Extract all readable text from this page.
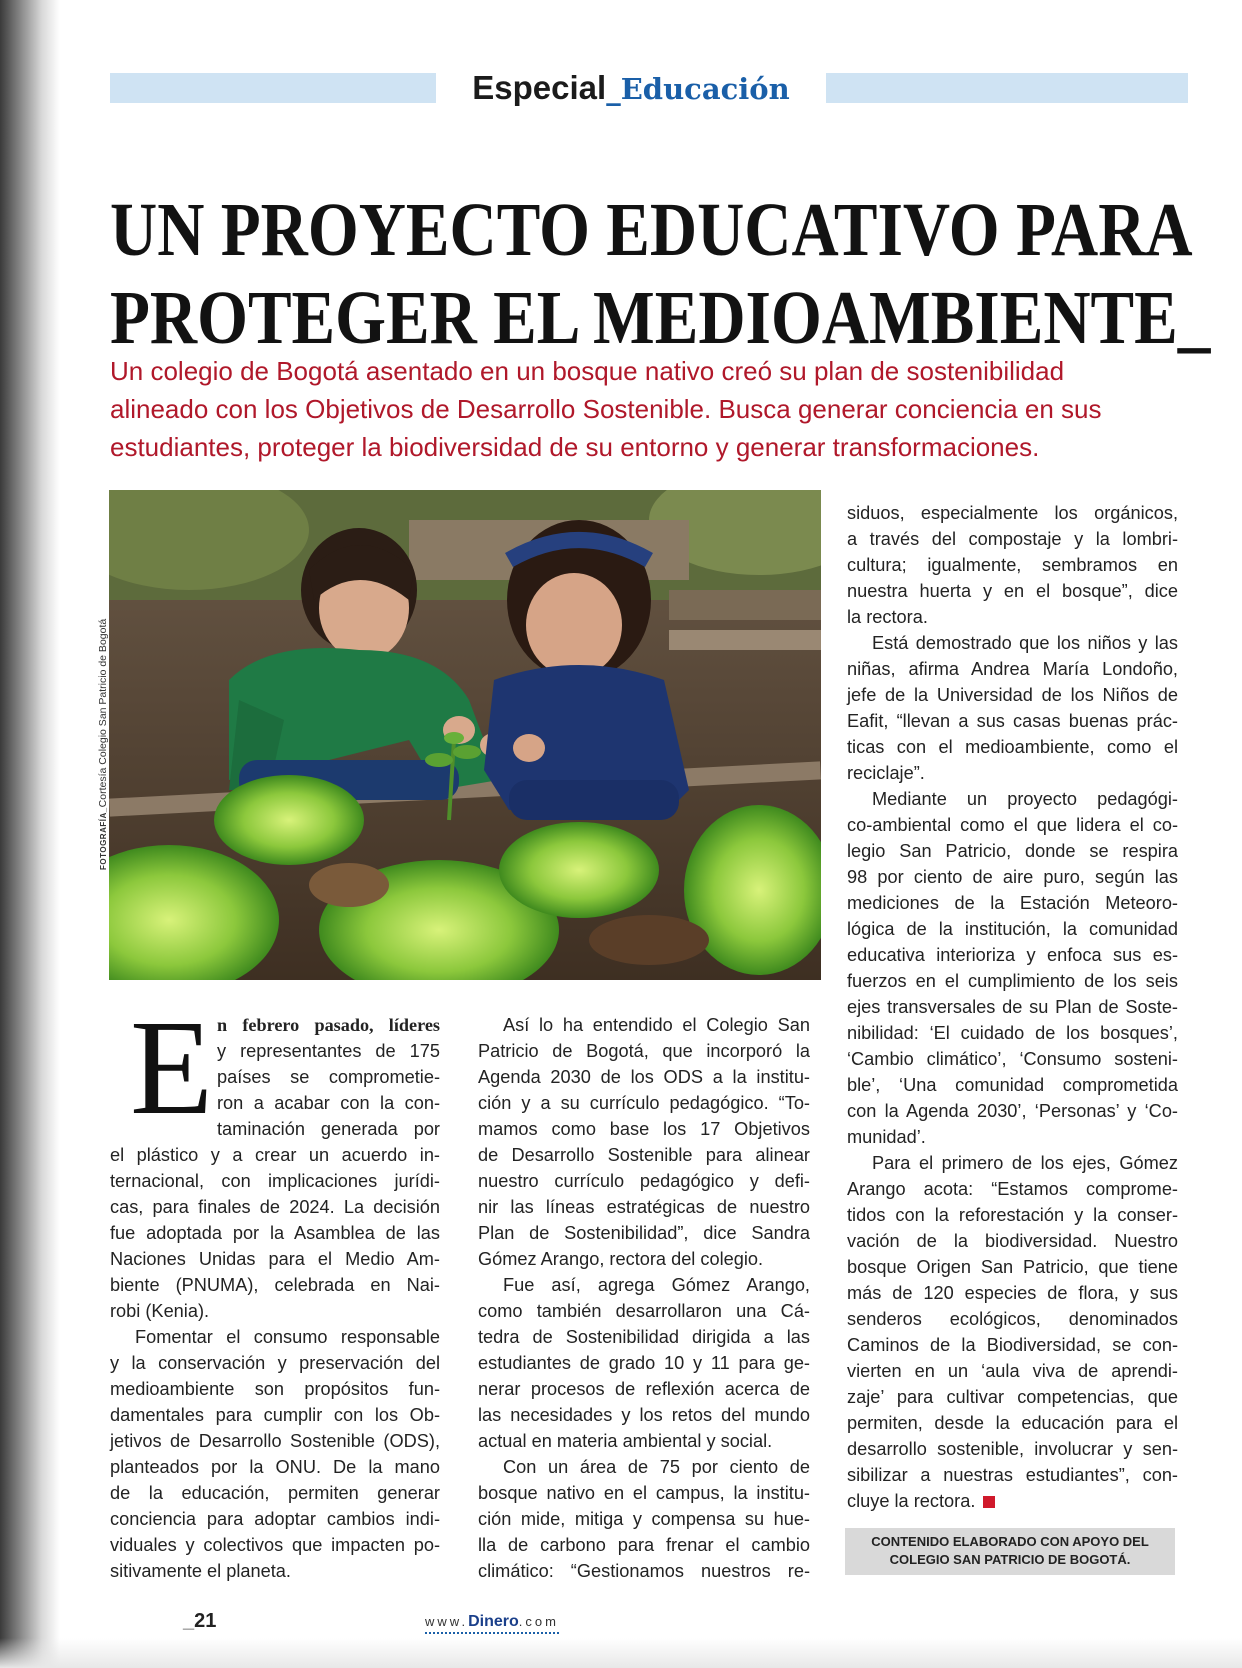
Especial_Educación
UN PROYECTO EDUCATIVO PARA
PROTEGER EL MEDIOAMBIENTE_
Un colegio de Bogotá asentado en un bosque nativo creó su plan de sostenibilidad
alineado con los Objetivos de Desarrollo Sostenible. Busca generar conciencia en sus
estudiantes, proteger la biodiversidad de su entorno y generar transformaciones.
FOTOGRAFÍA_Cortesía Colegio San Patricio de Bogotá
E n febrero pasado, líderes
y representantes de 175
países se comprometie-
ron a acabar con la con-
taminación generada por
el plástico y a crear un acuerdo in-
ternacional, con implicaciones jurídi-
cas, para finales de 2024. La decisión
fue adoptada por la Asamblea de las
Naciones Unidas para el Medio Am-
biente (PNUMA), celebrada en Nai-
robi (Kenia).
Fomentar el consumo responsable
y la conservación y preservación del
medioambiente son propósitos fun-
damentales para cumplir con los Ob-
jetivos de Desarrollo Sostenible (ODS),
planteados por la ONU. De la mano
de la educación, permiten generar
conciencia para adoptar cambios indi-
viduales y colectivos que impacten po-
sitivamente el planeta.
Así lo ha entendido el Colegio San
Patricio de Bogotá, que incorporó la
Agenda 2030 de los ODS a la institu-
ción y a su currículo pedagógico. “To-
mamos como base los 17 Objetivos
de Desarrollo Sostenible para alinear
nuestro currículo pedagógico y defi-
nir las líneas estratégicas de nuestro
Plan de Sostenibilidad”, dice Sandra
Gómez Arango, rectora del colegio.
Fue así, agrega Gómez Arango,
como también desarrollaron una Cá-
tedra de Sostenibilidad dirigida a las
estudiantes de grado 10 y 11 para ge-
nerar procesos de reflexión acerca de
las necesidades y los retos del mundo
actual en materia ambiental y social.
Con un área de 75 por ciento de
bosque nativo en el campus, la institu-
ción mide, mitiga y compensa su hue-
lla de carbono para frenar el cambio
climático: “Gestionamos nuestros re-
siduos, especialmente los orgánicos,
a través del compostaje y la lombri-
cultura; igualmente, sembramos en
nuestra huerta y en el bosque”, dice
la rectora.
Está demostrado que los niños y las
niñas, afirma Andrea María Londoño,
jefe de la Universidad de los Niños de
Eafit, “llevan a sus casas buenas prác-
ticas con el medioambiente, como el
reciclaje”.
Mediante un proyecto pedagógi-
co-ambiental como el que lidera el co-
legio San Patricio, donde se respira
98 por ciento de aire puro, según las
mediciones de la Estación Meteoro-
lógica de la institución, la comunidad
educativa interioriza y enfoca sus es-
fuerzos en el cumplimiento de los seis
ejes transversales de su Plan de Soste-
nibilidad: ‘El cuidado de los bosques’,
‘Cambio climático’, ‘Consumo sosteni-
ble’, ‘Una comunidad comprometida
con la Agenda 2030’, ‘Personas’ y ‘Co-
munidad’.
Para el primero de los ejes, Gómez
Arango acota: “Estamos comprome-
tidos con la reforestación y la conser-
vación de la biodiversidad. Nuestro
bosque Origen San Patricio, que tiene
más de 120 especies de flora, y sus
senderos ecológicos, denominados
Caminos de la Biodiversidad, se con-
vierten en un ‘aula viva de aprendi-
zaje’ para cultivar competencias, que
permiten, desde la educación para el
desarrollo sostenible, involucrar y sen-
sibilizar a nuestras estudiantes”, con-
cluye la rectora.
CONTENIDO ELABORADO CON APOYO DEL
COLEGIO SAN PATRICIO DE BOGOTÁ.
_21	www.Dinero.com
